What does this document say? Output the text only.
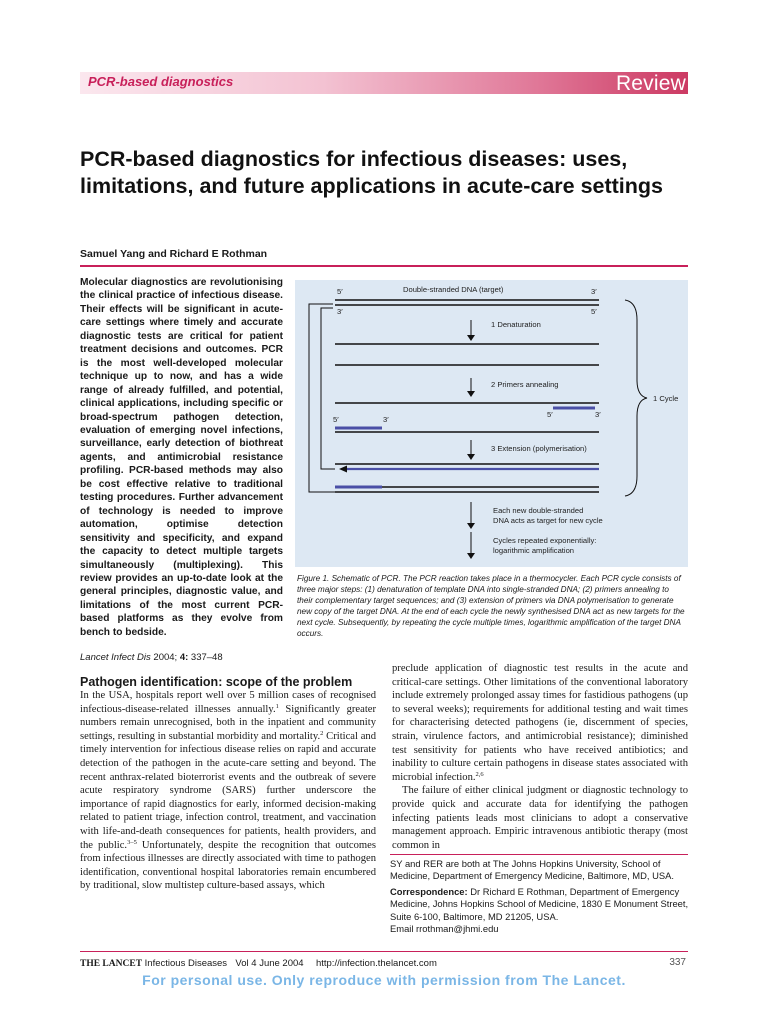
PCR-based diagnostics	Review
PCR-based diagnostics for infectious diseases: uses, limitations, and future applications in acute-care settings
Samuel Yang and Richard E Rothman
Molecular diagnostics are revolutionising the clinical practice of infectious disease. Their effects will be significant in acute-care settings where timely and accurate diagnostic tests are critical for patient treatment decisions and outcomes. PCR is the most well-developed molecular technique up to now, and has a wide range of already fulfilled, and potential, clinical applications, including specific or broad-spectrum pathogen detection, evaluation of emerging novel infections, surveillance, early detection of biothreat agents, and antimicrobial resistance profiling. PCR-based methods may also be cost effective relative to traditional testing procedures. Further advancement of technology is needed to improve automation, optimise detection sensitivity and specificity, and expand the capacity to detect multiple targets simultaneously (multiplexing). This review provides an up-to-date look at the general principles, diagnostic value, and limitations of the most current PCR-based platforms as they evolve from bench to bedside.
Lancet Infect Dis 2004; 4: 337–48
5′	Double-stranded DNA (target)	3′
3′	5′
1 Denaturation
2 Primers annealing
5′	3′
5′	3′
3 Extension (polymerisation)
1 Cycle
Each new double-stranded
DNA acts as target for new cycle
Cycles repeated exponentially:
logarithmic amplification
Figure 1. Schematic of PCR. The PCR reaction takes place in a thermocycler. Each PCR cycle consists of three major steps: (1) denaturation of template DNA into single-stranded DNA; (2) primers annealing to their complementary target sequences; and (3) extension of primers via DNA polymerisation to generate new copy of the target DNA. At the end of each cycle the newly synthesised DNA act as new targets for the next cycle. Subsequently, by repeating the cycle multiple times, logarithmic amplification of the target DNA occurs.
Pathogen identification: scope of the problem
In the USA, hospitals report well over 5 million cases of recognised infectious-disease-related illnesses annually.$^1$ Significantly greater numbers remain unrecognised, both in the inpatient and community settings, resulting in substantial morbidity and mortality.$^2$ Critical and timely intervention for infectious disease relies on rapid and accurate detection of the pathogen in the acute-care setting and beyond. The recent anthrax-related bioterrorist events and the outbreak of severe acute respiratory syndrome (SARS) further underscore the importance of rapid diagnostics for early, informed decision-making related to patient triage, infection control, treatment, and vaccination with life-and-death consequences for patients, health providers, and the public.$^{3-5}$ Unfortunately, despite the recognition that outcomes from infectious illnesses are directly associated with time to pathogen identification, conventional hospital laboratories remain encumbered by traditional, slow multistep culture-based assays, which

preclude application of diagnostic test results in the acute and critical-care settings. Other limitations of the conventional laboratory include extremely prolonged assay times for fastidious pathogens (up to several weeks); requirements for additional testing and wait times for characterising detected pathogens (ie, discernment of species, strain, virulence factors, and antimicrobial resistance); diminished test sensitivity for patients who have received antibiotics; and inability to culture certain pathogens in disease states associated with microbial infection.$^{2,6}$

The failure of either clinical judgment or diagnostic technology to provide quick and accurate data for identifying the pathogen infecting patients leads most clinicians to adopt a conservative management approach. Empiric intravenous antibiotic therapy (most common in

SY and RER are both at The Johns Hopkins University, School of Medicine, Department of Emergency Medicine, Baltimore, MD, USA.

Correspondence: Dr Richard E Rothman, Department of Emergency Medicine, Johns Hopkins School of Medicine, 1830 E Monument Street, Suite 6-100, Baltimore, MD 21205, USA.
Email rrothman@jhmi.edu

THE LANCET Infectious Diseases Vol 4 June 2004 http://infection.thelancet.com	337
For personal use. Only reproduce with permission from The Lancet.
